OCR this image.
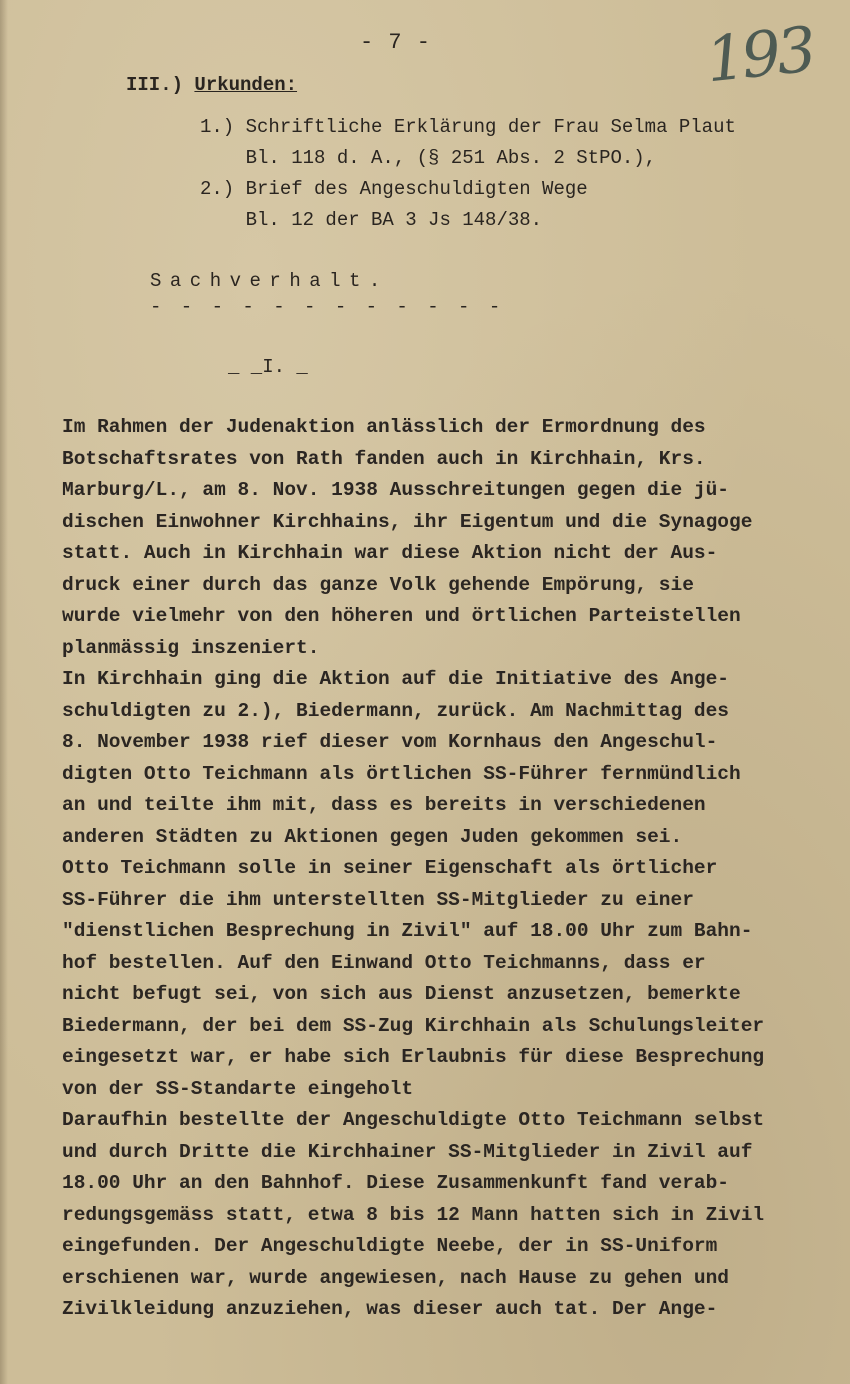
- 7 -	193
III.) Urkunden:
1.) Schriftliche Erklärung der Frau Selma Plaut
Bl. 118 d. A., (§ 251 Abs. 2 StPO.),
2.) Brief des Angeschuldigten Wege
Bl. 12 der BA 3 Js 148/38.
Sachverhalt.
- - - - - - - - - - - -
_ _I. _

Im Rahmen der Judenaktion anlässlich der Ermordnung des

Botschaftsrates von Rath fanden auch in Kirchhain, Krs.

Marburg/L., am 8. Nov. 1938 Ausschreitungen gegen die jü-

dischen Einwohner Kirchhains, ihr Eigentum und die Synagoge

statt. Auch in Kirchhain war diese Aktion nicht der Aus-

druck einer durch das ganze Volk gehende Empörung, sie

wurde vielmehr von den höheren und örtlichen Parteistellen

planmässig inszeniert.

In Kirchhain ging die Aktion auf die Initiative des Ange-

schuldigten zu 2.), Biedermann, zurück. Am Nachmittag des

8. November 1938 rief dieser vom Kornhaus den Angeschul-

digten Otto Teichmann als örtlichen SS-Führer fernmündlich

an und teilte ihm mit, dass es bereits in verschiedenen

anderen Städten zu Aktionen gegen Juden gekommen sei.

Otto Teichmann solle in seiner Eigenschaft als örtlicher

SS-Führer die ihm unterstellten SS-Mitglieder zu einer

"dienstlichen Besprechung in Zivil" auf 18.00 Uhr zum Bahn-

hof bestellen. Auf den Einwand Otto Teichmanns, dass er

nicht befugt sei, von sich aus Dienst anzusetzen, bemerkte

Biedermann, der bei dem SS-Zug Kirchhain als Schulungsleiter

eingesetzt war, er habe sich Erlaubnis für diese Besprechung

von der SS-Standarte eingeholt

Daraufhin bestellte der Angeschuldigte Otto Teichmann selbst

und durch Dritte die Kirchhainer SS-Mitglieder in Zivil auf

18.00 Uhr an den Bahnhof. Diese Zusammenkunft fand verab-

redungsgemäss statt, etwa 8 bis 12 Mann hatten sich in Zivil

eingefunden. Der Angeschuldigte Neebe, der in SS-Uniform

erschienen war, wurde angewiesen, nach Hause zu gehen und

Zivilkleidung anzuziehen, was dieser auch tat. Der Ange-
